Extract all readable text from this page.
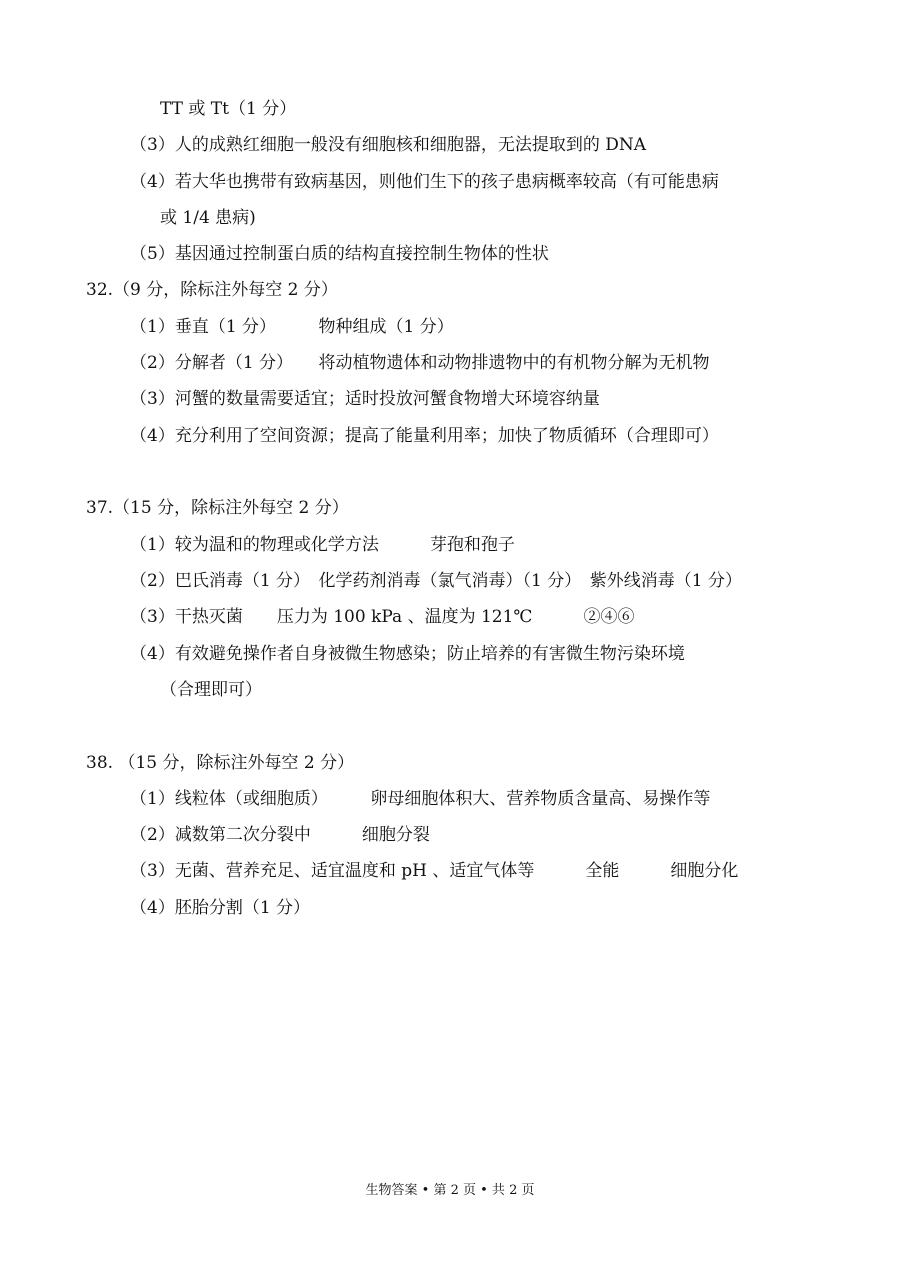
TT 或 Tt（1 分）
（3）人的成熟红细胞一般没有细胞核和细胞器，无法提取到的 DNA
（4）若大华也携带有致病基因，则他们生下的孩子患病概率较高（有可能患病
或 1/4 患病)
（5）基因通过控制蛋白质的结构直接控制生物体的性状
32.（9 分，除标注外每空 2 分）
（1）垂直（1 分）　　　物种组成（1 分）
（2）分解者（1 分）　　将动植物遗体和动物排遗物中的有机物分解为无机物
（3）河蟹的数量需要适宜；适时投放河蟹食物增大环境容纳量
（4）充分利用了空间资源；提高了能量利用率；加快了物质循环（合理即可）
37.（15 分，除标注外每空 2 分）
（1）较为温和的物理或化学方法　　　芽孢和孢子
（2）巴氏消毒（1 分）　化学药剂消毒（氯气消毒）（1 分）　紫外线消毒（1 分）
（3）干热灭菌　　压力为 100 kPa 、温度为 121℃　　　②④⑥
（4）有效避免操作者自身被微生物感染；防止培养的有害微生物污染环境
（合理即可）
38. （15 分，除标注外每空 2 分）
（1）线粒体（或细胞质）　　　卵母细胞体积大、营养物质含量高、易操作等
（2）减数第二次分裂中　　　细胞分裂
（3）无菌、营养充足、适宜温度和 pH 、适宜气体等　　　全能　　　细胞分化
（4）胚胎分割（1 分）
生物答案 • 第 2 页 • 共 2 页
